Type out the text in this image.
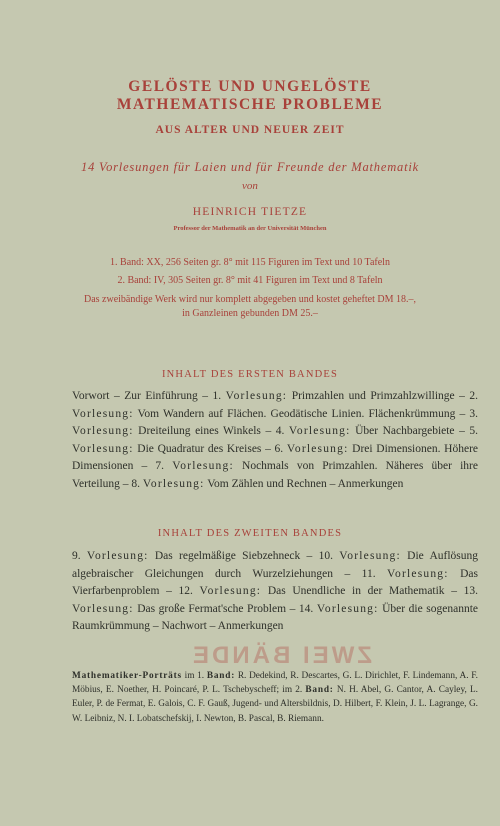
GELÖSTE UND UNGELÖSTE
MATHEMATISCHE PROBLEME
AUS ALTER UND NEUER ZEIT
14 Vorlesungen für Laien und für Freunde der Mathematik
von
HEINRICH TIETZE
Professor der Mathematik an der Universität München
1. Band: XX, 256 Seiten gr. 8° mit 115 Figuren im Text und 10 Tafeln
2. Band: IV, 305 Seiten gr. 8° mit 41 Figuren im Text und 8 Tafeln
Das zweibändige Werk wird nur komplett abgegeben und kostet geheftet DM 18.–,
in Ganzleinen gebunden DM 25.–
INHALT DES ERSTEN BANDES
Vorwort – Zur Einführung – 1. Vorlesung: Primzahlen und Primzahlzwillinge – 2. Vorlesung: Vom Wandern auf Flächen. Geodätische Linien. Flächenkrümmung – 3. Vorlesung: Dreiteilung eines Winkels – 4. Vorlesung: Über Nachbargebiete – 5. Vorlesung: Die Quadratur des Kreises – 6. Vorlesung: Drei Dimensionen. Höhere Dimensionen – 7. Vorlesung: Nochmals von Primzahlen. Näheres über ihre Verteilung – 8. Vorlesung: Vom Zählen und Rechnen – Anmerkungen
INHALT DES ZWEITEN BANDES
9. Vorlesung: Das regelmäßige Siebzehneck – 10. Vorlesung: Die Auflösung algebraischer Gleichungen durch Wurzelziehungen – 11. Vorlesung: Das Vierfarbenproblem – 12. Vorlesung: Das Unendliche in der Mathematik – 13. Vorlesung: Das große Fermat'sche Problem – 14. Vorlesung: Über die sogenannte Raumkrümmung – Nachwort – Anmerkungen
ZWEI BÄNDE
Mathematiker-Porträts im 1. Band: R. Dedekind, R. Descartes, G. L. Dirichlet, F. Lindemann, A. F. Möbius, E. Noether, H. Poincaré, P. L. Tschebyscheff; im 2. Band: N. H. Abel, G. Cantor, A. Cayley, L. Euler, P. de Fermat, E. Galois, C. F. Gauß, Jugend- und Altersbildnis, D. Hilbert, F. Klein, J. L. Lagrange, G. W. Leibniz, N. I. Lobatschefskij, I. Newton, B. Pascal, B. Riemann.
